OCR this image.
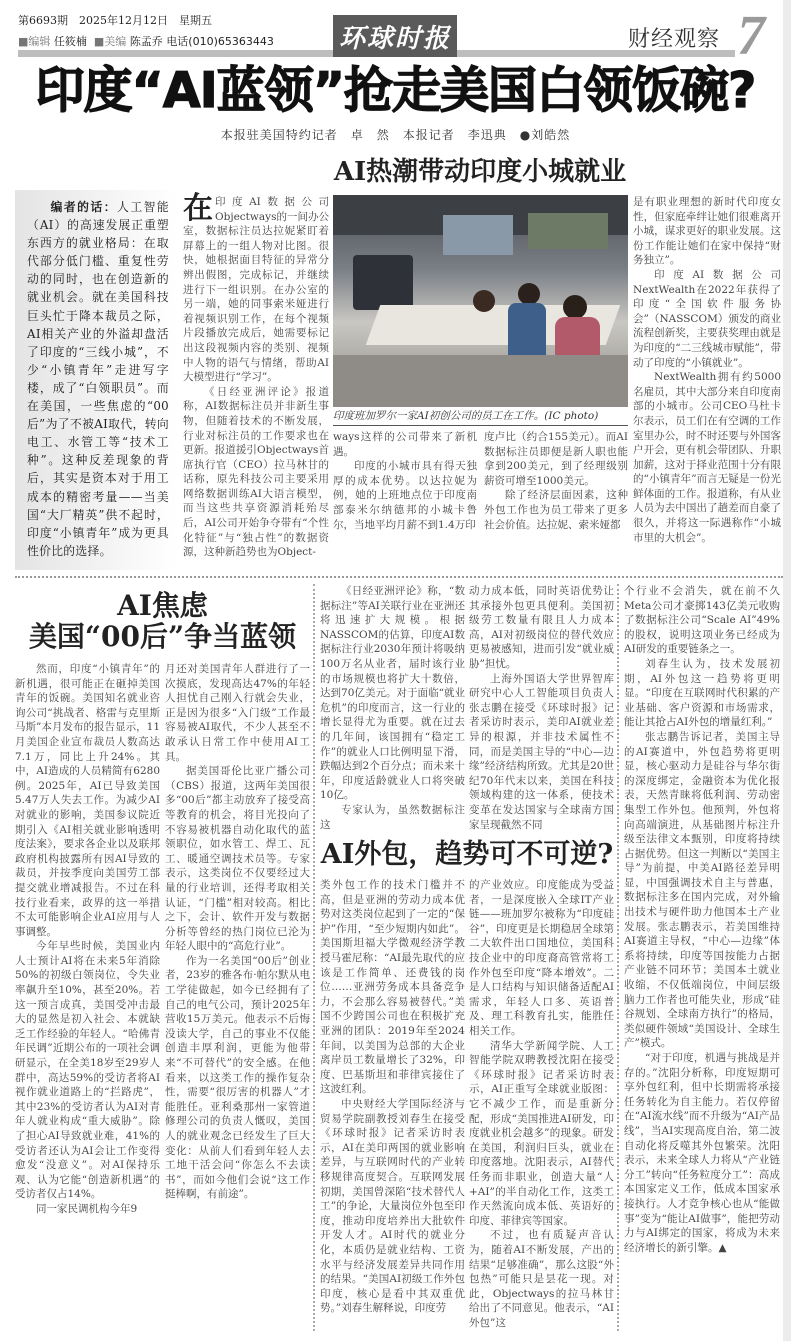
第6693期　2025年12月12日　星期五
■编辑 任筱楠 ■美编 陈孟乔 电话(010)65363443	环球时报	财经观察 7
印度“AI蓝领”抢走美国白领饭碗?
本报驻美国特约记者　卓　然　本报记者　李迅典　●刘皓然
AI热潮带动印度小城就业

编者的话：人工智能（AI）的高速发展正重塑东西方的就业格局：在取代部分低门槛、重复性劳动的同时，也在创造新的就业机会。就在美国科技巨头忙于降本裁员之际，AI相关产业的外溢却盘活了印度的“三线小城”，不少“小镇青年”走进写字楼，成了“白领职员”。而在美国，一些焦虑的“00后”为了不被AI取代，转向电工、水管工等“技术工种”。这种反差现象的背后，其实是资本对于用工成本的精密考量——当美国“大厂精英”供不起时，印度“小镇青年”成为更具性价比的选择。

在 印度AI数据公司Objectways的一间办公室，数据标注员达拉妮紧盯着屏幕上的一组人物对比图。很快，她根据面目特征的异常分辨出假图，完成标记，并继续进行下一组识别。在办公室的另一端，她的同事索米娅进行着视频识别工作，在每个视频片段播放完成后，她需要标记出这段视频内容的类别、视频中人物的语气与情绪，帮助AI大模型进行“学习”。

《日经亚洲评论》报道称，AI数据标注员并非新生事物，但随着技术的不断发展，行业对标注员的工作要求也在更新。报道援引Objectways首席执行官（CEO）拉马林甘的话称，原先科技公司主要采用网络数据训练AI大语言模型，而当这些共享资源消耗殆尽后，AI公司开始争夺带有“个性化特征”与“独占性”的数据资源，这种新趋势也为Object-

印度班加罗尔一家AI初创公司的员工在工作。(IC photo)

ways这样的公司带来了新机遇。

印度的小城市具有得天独厚的成本优势。以达拉妮为例，她的上班地点位于印度南部泰米尔纳德邦的小城卡鲁尔，当地平均月薪不到1.4万印

度卢比（约合155美元）。而AI数据标注员即便是新人职也能拿到200美元，到了经理级别薪资可增至1000美元。

除了经济层面因素，这种外包工作也为员工带来了更多社会价值。达拉妮、索米娅都

是有职业理想的新时代印度女性，但家庭牵绊让她们很难离开小城，谋求更好的职业发展。这份工作能让她们在家中保持“财务独立”。

印度AI数据公司NextWealth在2022年获得了印度“全国软件服务协会”（NASSCOM）颁发的商业流程创新奖，主要获奖理由就是为印度的“二三线城市赋能”，带动了印度的“小镇就业”。

NextWealth拥有约5000名雇员，其中大部分来自印度南部的小城市。公司CEO马杜卡尔表示，员工们在有空调的工作室里办公，时不时还要与外国客户开会，更有机会带团队、升职加薪，这对于择业范围十分有限的“小镇青年”而言无疑是一份光鲜体面的工作。报道称，有从业人员为去中国出了趟差而自豪了很久，并将这一际遇称作“小城市里的大机会”。

AI焦虑
美国“00后”争当蓝领

然而，印度“小镇青年”的新机遇，很可能正在砸掉美国青年的饭碗。美国知名就业咨询公司“挑战者、格雷与克里斯马斯”本月发布的报告显示，11月美国企业宣布裁员人数高达7.1万，同比上升24%。其中，AI造成的人员精简有6280例。2025年，AI已导致美国5.47万人失去工作。为减少AI对就业的影响，美国参议院近期引入《AI相关就业影响透明度法案》，要求各企业以及联邦政府机构披露所有因AI导致的裁员，并按季度向美国劳工部提交就业增减报告。不过在科技行业看来，政界的这一举措不太可能影响企业AI应用与人事调整。

今年早些时候，美国业内人士预计AI将在未来5年消除50%的初级白领岗位，令失业率飙升至10%，甚至20%。若这一预言成真，美国受冲击最大的显然是初入社会、本就缺乏工作经验的年轻人。“哈佛青年民调”近期公布的一项社会调研显示，在全美18岁至29岁人群中，高达59%的受访者将AI视作就业道路上的“拦路虎”，其中23%的受访者认为AI对青年人就业构成“重大威胁”。除了担心AI导致就业难，41%的受访者还认为AI会让工作变得愈发“没意义”。对AI保持乐观、认为它能“创造新机遇”的受访者仅占14%。

同一家民调机构今年9

月还对美国青年人群进行了一次摸底，发现高达47%的年轻人担忧自己刚入行就会失业，正是因为很多“入门级”工作最容易被AI取代，不少人甚至不敢承认日常工作中使用AI工具。

据美国哥伦比亚广播公司（CBS）报道，这两年美国很多“00后”都主动放弃了接受高等教育的机会，将目光投向了不容易被机器自动化取代的蓝领职位，如水管工、焊工、瓦工、暖通空调技术员等。专家表示，这类岗位不仅要经过大量的行业培训，还得考取相关认证，“门槛”相对较高。相比之下，会计、软件开发与数据分析等曾经的热门岗位已沦为年轻人眼中的“高危行业”。

作为一名美国“00后”创业者，23岁的雅各布·帕尔默从电工学徒做起，如今已经拥有了自己的电气公司，预计2025年营收15万美元。他表示不后悔没读大学，自己的事业不仅能创造丰厚利润，更能为他带来“不可替代”的安全感。在他看来，以这类工作的操作复杂性，需要“很厉害的机器人”才能胜任。亚利桑那州一家管道修理公司的负责人慨叹，美国人的就业观念已经发生了巨大变化：从前人们看到年轻人去工地干活会问“你怎么不去读书”，而如今他们会说“这工作挺棒啊，有前途”。

《日经亚洲评论》称，“数据标注”等AI关联行业在亚洲还将迅速扩大规模。根据NASSCOM的估算，印度AI数据标注行业2030年预计将吸纳100万名从业者，届时该行业的市场规模也将扩大十数倍，达到70亿美元。对于面临“就业危机”的印度而言，这一行业的增长显得尤为重要。就在过去的几年间，该国拥有“稳定工作”的就业人口比例明显下滑，跌幅达到2个百分点；而未来十年，印度适龄就业人口将突破10亿。

专家认为，虽然数据标注这

动力成本低，同时英语优势让其承接外包更具便利。美国初级劳工数量有限且人力成本高，AI对初级岗位的替代效应更易被感知，进而引发“就业威胁”担忧。

上海外国语大学世界智库研究中心人工智能项目负责人张志鹏在接受《环球时报》记者采访时表示，美印AI就业差异的根源，并非技术属性不同，而是美国主导的“中心—边缘”经济结构所致。尤其是20世纪70年代末以来，美国在科技领域构建的这一体系，使技术变革在发达国家与全球南方国家呈现截然不同

AI外包，趋势可不可逆?

类外包工作的技术门槛并不高，但是亚洲的劳动力成本优势对这类岗位起到了一定的“保护”作用，“至少短期内如此”。美国斯坦福大学微观经济学教授马霍尼称：“AI最先取代的应该是工作简单、还费钱的岗位……亚洲劳务成本具备竞争力，不会那么容易被替代。”美国不少跨国公司也在积极扩充亚洲的团队：2019年至2024年间，以美国为总部的大企业离岸员工数量增长了32%，印度、巴基斯坦和菲律宾接住了这波红利。

中央财经大学国际经济与贸易学院副教授刘春生在接受《环球时报》记者采访时表示，AI在美印两国的就业影响差异，与互联网时代的产业转移规律高度契合。互联网发展初期，美国曾深陷“技术替代人工”的争论，大量岗位外包至印度，推动印度培养出大批软件开发人才。AI时代的就业分化，本质仍是就业结构、工资水平与经济发展差异共同作用的结果。“美国AI初级工作外包印度，核心是看中其双重优势。”刘春生解释说，印度劳

的产业效应。印度能成为受益者，一是深度嵌入全球IT产业链——班加罗尔被称为“印度硅谷”，印度更是长期稳居全球第二大软件出口国地位，美国科技企业中的印度裔高管常将工作外包至印度“降本增效”。二是人口结构与知识储备适配AI需求，年轻人口多、英语普及、理工科教育扎实，能胜任相关工作。

清华大学新闻学院、人工智能学院双聘教授沈阳在接受《环球时报》记者采访时表示，AI正重写全球就业版图：它不减少工作，而是重新分配，形成“美国推进AI研发，印度就业机会越多”的现象。研发在美国，利润归巨头，就业在印度落地。沈阳表示，AI替代任务而非职业，创造大量“人+AI”的半自动化工作，这类工作天然流向成本低、英语好的印度、菲律宾等国家。

不过，也有质疑声音认为，随着AI不断发展，产出的结果“足够准确”，那么这股“外包热”可能只是昙花一现。对此，Objectways的拉马林甘给出了不同意见。他表示，“AI外包”这

个行业不会消失，就在前不久Meta公司才豪掷143亿美元收购了数据标注公司“Scale AI”49%的股权，说明这项业务已经成为AI研发的重要链条之一。

刘春生认为，技术发展初期，AI外包这一趋势将更明显。“印度在互联网时代积累的产业基础、客户资源和市场需求，能让其抢占AI外包的增量红利。”

张志鹏告诉记者，美国主导的AI赛道中，外包趋势将更明显，核心驱动力是硅谷与华尔街的深度绑定，金融资本为优化报表，天然青睐将低利润、劳动密集型工作外包。他预判，外包将向高端演进，从基础图片标注升级至法律文本甄别，印度将持续占据优势。但这一判断以“美国主导”为前提，中美AI路径差异明显，中国强调技术自主与普惠，数据标注多在国内完成，对外输出技术与硬件助力他国本土产业发展。张志鹏表示，若美国维持AI赛道主导权，“中心—边缘”体系将持续，印度等国按能力占据产业链不同环节；美国本土就业收缩，不仅低端岗位，中间层级脑力工作者也可能失业，形成“硅谷规划、全球南方执行”的格局，类似硬件领域“美国设计、全球生产”模式。

“对于印度，机遇与挑战是并存的。”沈阳分析称，印度短期可享外包红利，但中长期需将承接任务转化为自主能力。若仅停留在“AI流水线”而不升级为“AI产品线”，当AI实现高度自治，第二波自动化将反噬其外包繁荣。沈阳表示，未来全球人力将从“产业链分工”转向“任务粒度分工”：高成本国家定义工作，低成本国家承接执行。人才竞争核心也从“能做事”变为“能让AI做事”，能把劳动力与AI绑定的国家，将成为未来经济增长的新引擎。▲
